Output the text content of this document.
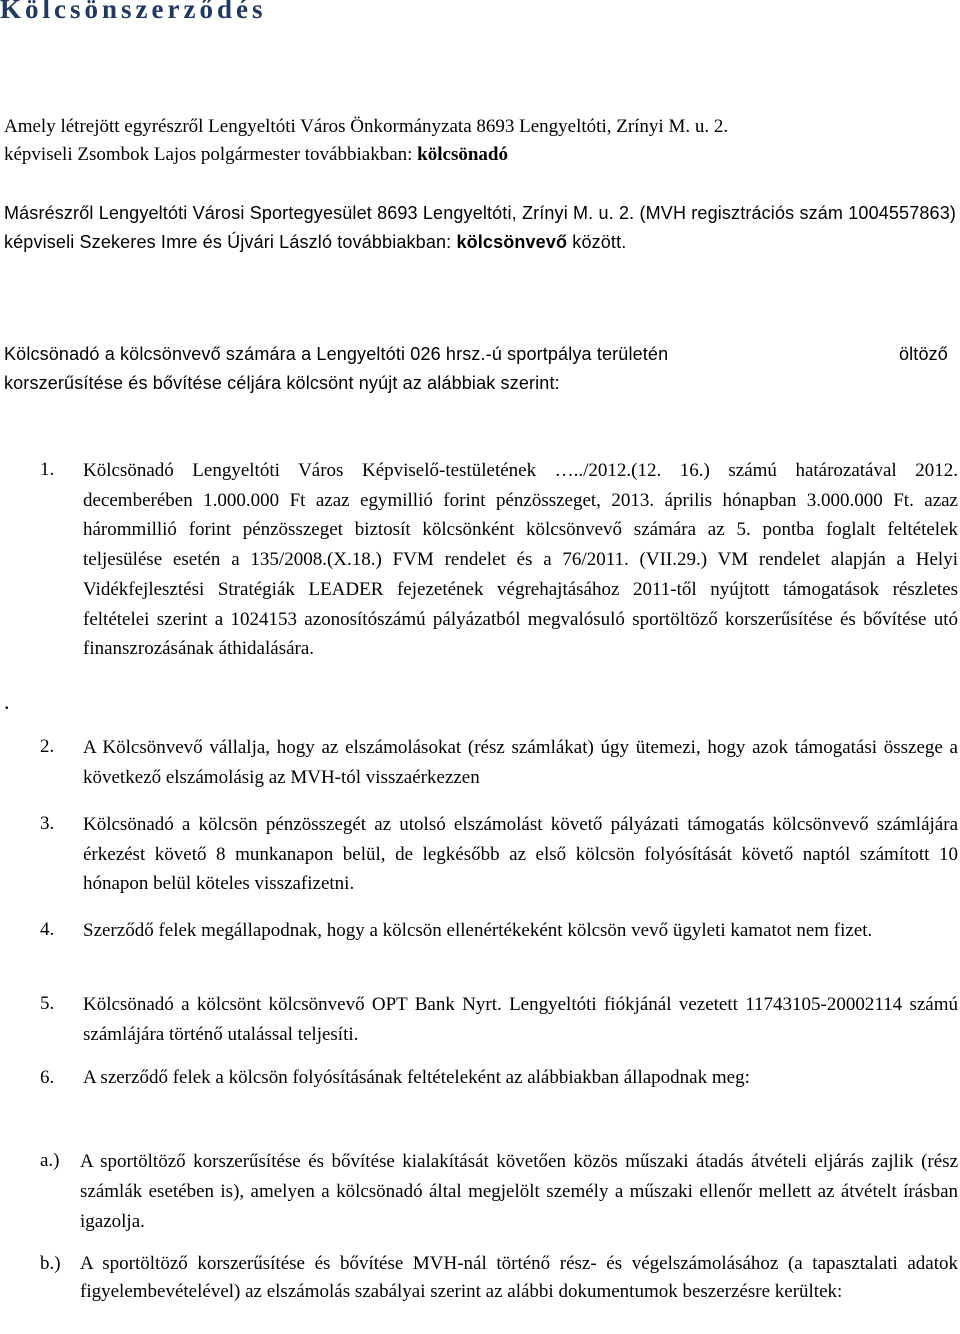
Kölcsönszerződés

Amely létrejött egyrészről Lengyeltóti Város Önkormányzata 8693 Lengyeltóti, Zrínyi M. u. 2.

képviseli Zsombok Lajos polgármester továbbiakban: kölcsönadó

Másrészről Lengyeltóti Városi Sportegyesület 8693 Lengyeltóti, Zrínyi M. u. 2. (MVH regisztrációs szám 1004557863) képviseli Szekeres Imre és Újvári László továbbiakban: kölcsönvevő között.

Kölcsönadó a kölcsönvevő számára a Lengyeltóti 026 hrsz.-ú sportpálya területén	öltöző

korszerűsítése és bővítése céljára kölcsönt nyújt az alábbiak szerint:

.

1. Kölcsönadó Lengyeltóti Város Képviselő-testületének …../2012.(12. 16.) számú határozatával 2012. decemberében 1.000.000 Ft azaz egymillió forint pénzösszeget, 2013. április hónapban 3.000.000 Ft. azaz hárommillió forint pénzösszeget biztosít kölcsönként kölcsönvevő számára az 5. pontba foglalt feltételek teljesülése esetén a 135/2008.(X.18.) FVM rendelet és a 76/2011. (VII.29.) VM rendelet alapján a Helyi Vidékfejlesztési Stratégiák LEADER fejezetének végrehajtásához 2011-től nyújtott támogatások részletes feltételei szerint a 1024153 azonosítószámú pályázatból megvalósuló sportöltöző korszerűsítése és bővítése utó finanszrozásának áthidalására.

2. A Kölcsönvevő vállalja, hogy az elszámolásokat (rész számlákat) úgy ütemezi, hogy azok támogatási összege a következő elszámolásig az MVH-tól visszaérkezzen

3. Kölcsönadó a kölcsön pénzösszegét az utolsó elszámolást követő pályázati támogatás kölcsönvevő számlájára érkezést követő 8 munkanapon belül, de legkésőbb az első kölcsön folyósítását követő naptól számított 10 hónapon belül köteles visszafizetni.

4. Szerződő felek megállapodnak, hogy a kölcsön ellenértékeként kölcsön vevő ügyleti kamatot nem fizet.

5. Kölcsönadó a kölcsönt kölcsönvevő OPT Bank Nyrt. Lengyeltóti fiókjánál vezetett 11743105-20002114 számú számlájára történő utalással teljesíti.

6. A szerződő felek a kölcsön folyósításának feltételeként az alábbiakban állapodnak meg:

a.) A sportöltöző korszerűsítése és bővítése kialakítását követően közös műszaki átadás átvételi eljárás zajlik (rész számlák esetében is), amelyen a kölcsönadó által megjelölt személy a műszaki ellenőr mellett az átvételt írásban igazolja.

b.) A sportöltöző korszerűsítése és bővítése MVH-nál történő rész- és végelszámolásához (a tapasztalati adatok figyelembevételével) az elszámolás szabályai szerint az alábbi dokumentumok beszerzésre kerültek:
